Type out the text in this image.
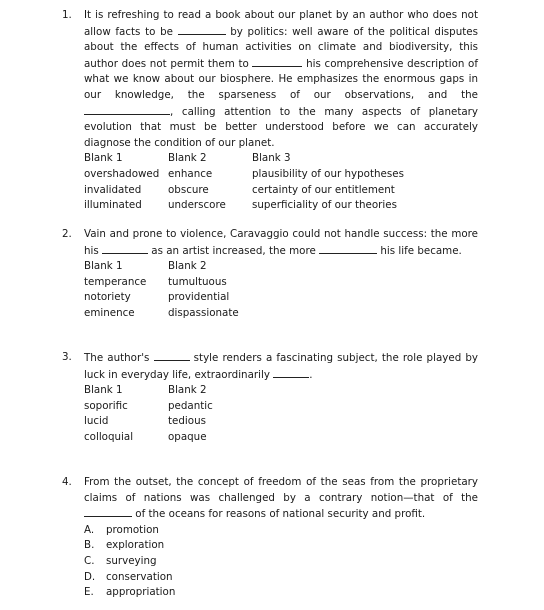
1.	It is refreshing to read a book about our planet by an author who does not allow facts to be	by politics: well aware of the political disputes about the effects of human activities on climate and biodiversity, this author does not permit them to	his comprehensive description of what we know about our biosphere. He emphasizes the enormous gaps in our knowledge, the sparseness of our observations, and the , calling attention to the many aspects of planetary evolution that must be better understood before we can accurately diagnose the condition of our planet.
Blank 1	Blank 2	Blank 3
overshadowed	enhance	plausibility of our hypotheses
invalidated	obscure	certainty of our entitlement
illuminated	underscore	superficiality of our theories
2.	Vain and prone to violence, Caravaggio could not handle success: the more his	as an artist increased, the more	his life became.
Blank 1	Blank 2
temperance	tumultuous
notoriety	providential
eminence	dispassionate
3.	The author's	style renders a fascinating subject, the role played by luck in everyday life, extraordinarily	.
Blank 1	Blank 2
soporific	pedantic
lucid	tedious
colloquial	opaque
4.	From the outset, the concept of freedom of the seas from the proprietary claims of nations was challenged by a contrary notion—that of the  of the oceans for reasons of national security and profit.
A. promotion
B. exploration
C. surveying
D. conservation
E. appropriation
